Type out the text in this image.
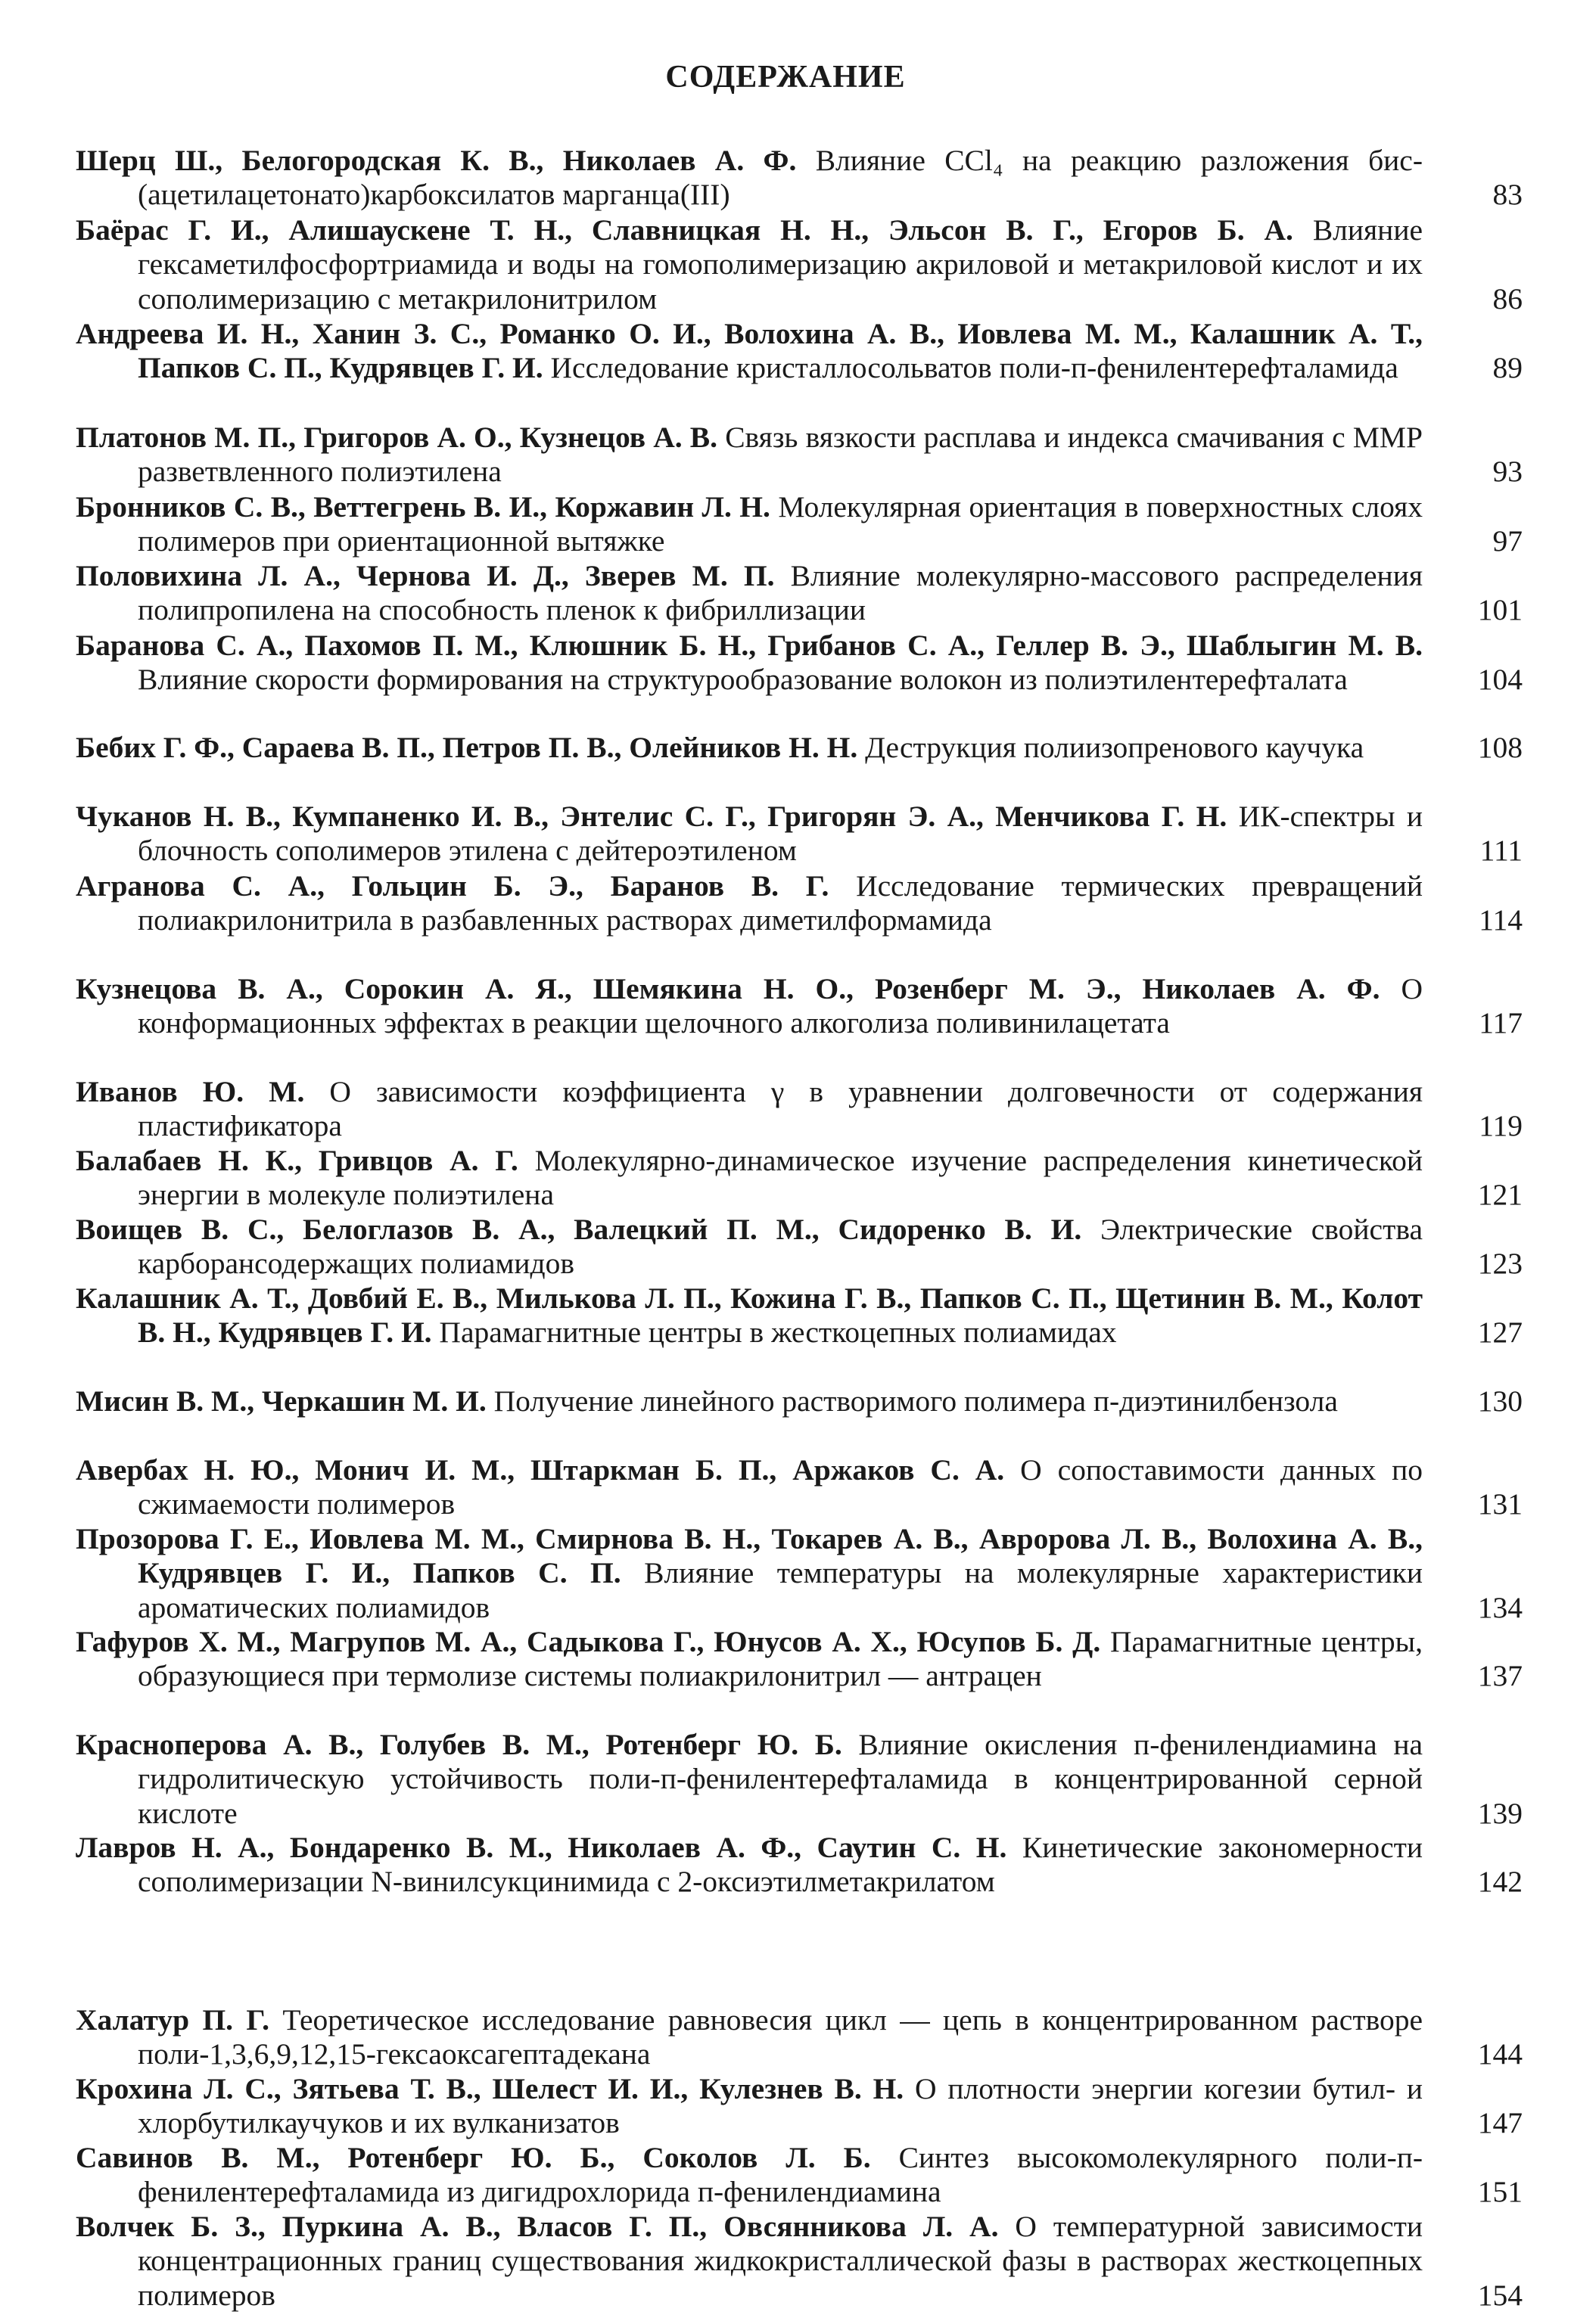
СОДЕРЖАНИЕ
Шерц Ш., Белогородская К. В., Николаев А. Ф. Влияние CCl₄ на реакцию разложения бис-(ацетилацетонато)карбоксилатов марганца(III)	83
Баёрас Г. И., Алишаускене Т. Н., Славницкая Н. Н., Эльсон В. Г., Егоров Б. А. Влияние гексаметилфосфортриамида и воды на гомополимеризацию акриловой и метакриловой кислот и их сополимеризацию с метакрилонитрилом	86
Андреева И. Н., Ханин З. С., Романко О. И., Волохина А. В., Иовлева М. М., Калашник А. Т., Папков С. П., Кудрявцев Г. И. Исследование кристаллосольватов поли-п-фенилентерефталамида	89
Платонов М. П., Григоров А. О., Кузнецов А. В. Связь вязкости расплава и индекса смачивания с ММР разветвленного полиэтилена	93
Бронников С. В., Веттегрень В. И., Коржавин Л. Н. Молекулярная ориентация в поверхностных слоях полимеров при ориентационной вытяжке	97
Половихина Л. А., Чернова И. Д., Зверев М. П. Влияние молекулярно-массового распределения полипропилена на способность пленок к фибриллизации	101
Баранова С. А., Пахомов П. М., Клюшник Б. Н., Грибанов С. А., Геллер В. Э., Шаблыгин М. В. Влияние скорости формирования на структурообразование волокон из полиэтилентерефталата	104
Бебих Г. Ф., Сараева В. П., Петров П. В., Олейников Н. Н. Деструкция полиизопренового каучука	108
Чуканов Н. В., Кумпаненко И. В., Энтелис С. Г., Григорян Э. А., Менчикова Г. Н. ИК-спектры и блочность сополимеров этилена с дейтероэтиленом	111
Агранова С. А., Гольцин Б. Э., Баранов В. Г. Исследование термических превращений полиакрилонитрила в разбавленных растворах диметилформамида	114
Кузнецова В. А., Сорокин А. Я., Шемякина Н. О., Розенберг М. Э., Николаев А. Ф. О конформационных эффектах в реакции щелочного алкоголиза поливинилацетата	117
Иванов Ю. М. О зависимости коэффициента γ в уравнении долговечности от содержания пластификатора	119
Балабаев Н. К., Гривцов А. Г. Молекулярно-динамическое изучение распределения кинетической энергии в молекуле полиэтилена	121
Воищев В. С., Белоглазов В. А., Валецкий П. М., Сидоренко В. И. Электрические свойства карборансодержащих полиамидов	123
Калашник А. Т., Довбий Е. В., Милькова Л. П., Кожина Г. В., Папков С. П., Щетинин В. М., Колот В. Н., Кудрявцев Г. И. Парамагнитные центры в жесткоцепных полиамидах	127
Мисин В. М., Черкашин М. И. Получение линейного растворимого полимера п-диэтинилбензола	130
Авербах Н. Ю., Монич И. М., Штаркман Б. П., Аржаков С. А. О сопоставимости данных по сжимаемости полимеров	131
Прозорова Г. Е., Иовлева М. М., Смирнова В. Н., Токарев А. В., Авророва Л. В., Волохина А. В., Кудрявцев Г. И., Папков С. П. Влияние температуры на молекулярные характеристики ароматических полиамидов	134
Гафуров Х. М., Магрупов М. А., Садыкова Г., Юнусов А. Х., Юсупов Б. Д. Парамагнитные центры, образующиеся при термолизе системы полиакрилонитрил — антрацен	137
Красноперова А. В., Голубев В. М., Ротенберг Ю. Б. Влияние окисления п-фенилендиамина на гидролитическую устойчивость поли-п-фенилентерефталамида в концентрированной серной кислоте	139
Лавров Н. А., Бондаренко В. М., Николаев А. Ф., Саутин С. Н. Кинетические закономерности сополимеризации N-винилсукцинимида с 2-оксиэтилметакрилатом	142
Халатур П. Г. Теоретическое исследование равновесия цикл — цепь в концентрированном растворе поли-1,3,6,9,12,15-гексаоксагептадекана	144
Крохина Л. С., Зятьева Т. В., Шелест И. И., Кулезнев В. Н. О плотности энергии когезии бутил- и хлорбутилкаучуков и их вулканизатов	147
Савинов В. М., Ротенберг Ю. Б., Соколов Л. Б. Синтез высокомолекулярного поли-п-фенилентерефталамида из дигидрохлорида п-фенилендиамина	151
Волчек Б. З., Пуркина А. В., Власов Г. П., Овсянникова Л. А. О температурной зависимости концентрационных границ существования жидкокристаллической фазы в растворах жесткоцепных полимеров	154
